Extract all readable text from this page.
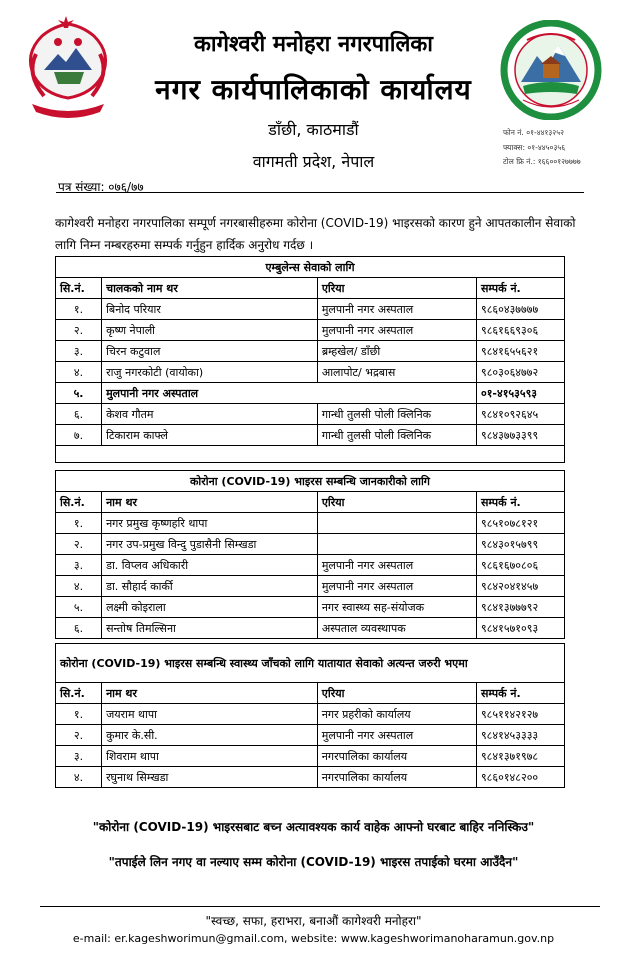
कागेश्वरी मनोहरा नगरपालिका
नगर कार्यपालिकाको कार्यालय
डाँछी, काठमाडौं
वागमती प्रदेश, नेपाल
फोन नं. ०१-४४१३२५२
फ्याक्स: ०१-४४५०३५६
टोल फ्रि नं.: १६६००१२७७७७
पत्र संख्या: ०७६/७७
कागेश्वरी मनोहरा नगरपालिका सम्पूर्ण नगरबासीहरुमा कोरोना (COVID-19) भाइरसको कारण हुने आपतकालीन सेवाको लागि निम्न नम्बरहरुमा सम्पर्क गर्नुहुन हार्दिक अनुरोध गर्दछ ।
एम्बुलेन्स सेवाको लागि			
सि.नं.	चालकको नाम थर	एरिया	सम्पर्क नं.
१.	बिनोद परियार	मुलपानी नगर अस्पताल	९८६०४३७७७७
२.	कृष्ण नेपाली	मुलपानी नगर अस्पताल	९८६१६६९३०६
३.	चिरन कटुवाल	ब्रम्हखेल/ डाँछी	९८४१६५५६२१
४.	राजु नगरकोटी (वायोका)	आलापोट/ भद्रबास	९८०३०६४७७२
५.	मुलपानी नगर अस्पताल		०१-४१५३५९३
६.	केशव गौतम	गान्धी तुलसी पोली क्लिनिक	९८४१०९२६४५
७.	टिकाराम काफ्ले	गान्धी तुलसी पोली क्लिनिक	९८४३७७३३९९

कोरोना (COVID-19) भाइरस सम्बन्धि जानकारीको लागि			
सि.नं.	नाम थर	एरिया	सम्पर्क नं.
१.	नगर प्रमुख कृष्णहरि थापा		९८५१०७८१२१
२.	नगर उप-प्रमुख विन्दु पुडासैनी सिम्खडा		९८४३०१५७९९
३.	डा. विप्लव अधिकारी	मुलपानी नगर अस्पताल	९८६१६७०८०६
४.	डा. सौहार्द कार्की	मुलपानी नगर अस्पताल	९८४२०४१४५७
५.	लक्ष्मी कोइराला	नगर स्वास्थ्य सह-संयोजक	९८४१३७७७९२
६.	सन्तोष तिमल्सिना	अस्पताल व्यवस्थापक	९८४१५७१०९३
कोरोना (COVID-19) भाइरस सम्बन्धि स्वास्थ्य जाँचको लागि यातायात सेवाको अत्यन्त जरुरी भएमा			
सि.नं.	नाम थर	एरिया	सम्पर्क नं.
१.	जयराम थापा	नगर प्रहरीको कार्यालय	९८५११४२१२७
२.	कुमार के.सी.	मुलपानी नगर अस्पताल	९८४१४५३३३३
३.	शिवराम थापा	नगरपालिका कार्यालय	९८४१३७१९७८
४.	रघुनाथ सिम्खडा	नगरपालिका कार्यालय	९८६०१४८२००
"कोरोना (COVID-19) भाइरसबाट बच्न अत्यावश्यक कार्य वाहेक आफ्नो घरबाट बाहिर ननिस्किउ"
"तपाईले लिन नगए वा नल्याए सम्म कोरोना (COVID-19) भाइरस तपाईको घरमा आउँदैन"
"स्वच्छ, सफा, हराभरा, बनाऔं कागेश्वरी मनोहरा"
e-mail: er.kageshworimun@gmail.com, website: www.kageshworimanoharamun.gov.np
